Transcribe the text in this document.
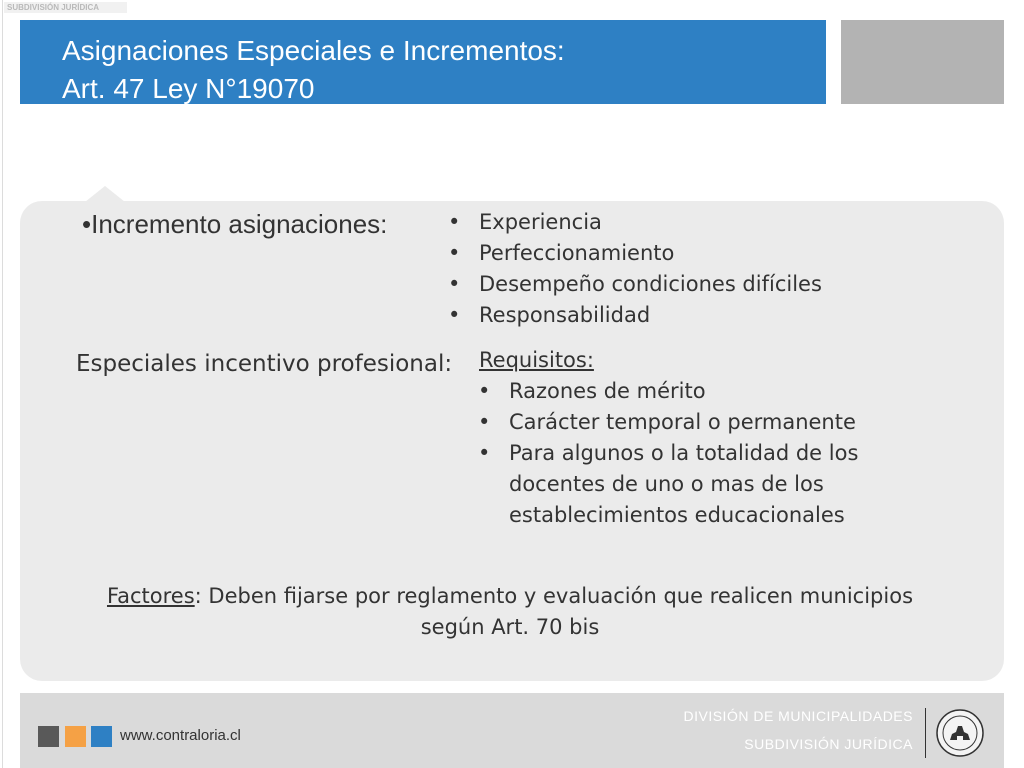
SUBDIVISIÓN JURÍDICA
Asignaciones Especiales e Incrementos:
Art. 47 Ley N°19070
•Incremento asignaciones:	• Experiencia
• Perfeccionamiento
• Desempeño condiciones difíciles
• Responsabilidad
Especiales incentivo profesional: Requisitos:
• Razones de mérito
• Carácter temporal o permanente
• Para algunos o la totalidad de los
docentes de uno o mas de los
establecimientos educacionales
Factores: Deben fijarse por reglamento y evaluación que realicen municipios
según Art. 70 bis
www.contraloria.cl
DIVISIÓN DE MUNICIPALIDADES
SUBDIVISIÓN JURÍDICA
